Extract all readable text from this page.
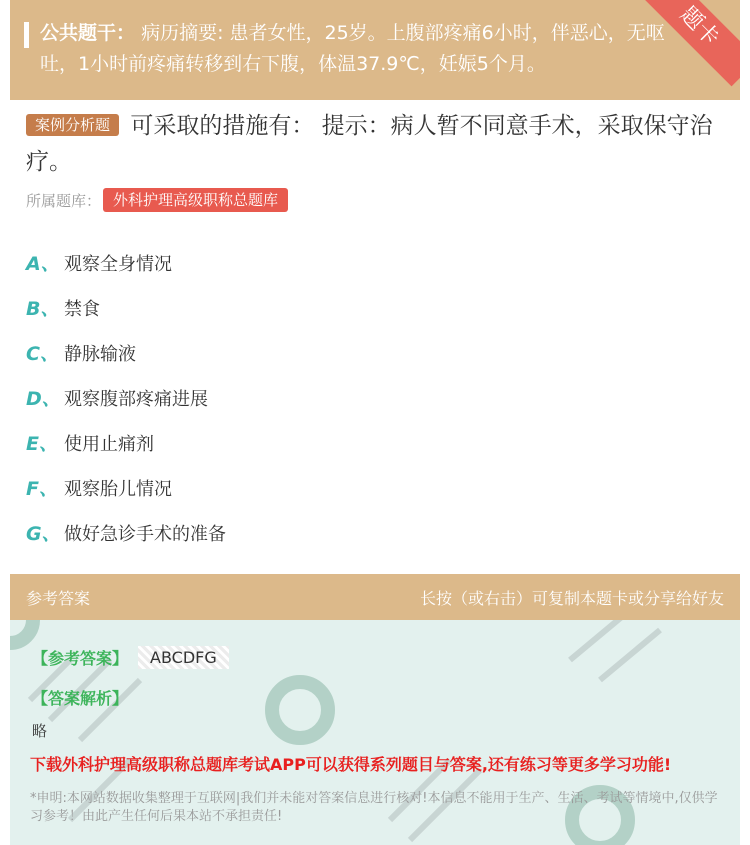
公共题干： 病历摘要: 患者女性，25岁。上腹部疼痛6小时，伴恶心，无呕吐，1小时前疼痛转移到右下腹，体温37.9℃，妊娠5个月。
题卡
案例分析题 可采取的措施有： 提示：病人暂不同意手术，采取保守治疗。
所属题库： 外科护理高级职称总题库
A、 观察全身情况
B、 禁食
C、 静脉输液
D、 观察腹部疼痛进展
E、 使用止痛剂
F、 观察胎儿情况
G、 做好急诊手术的准备
参考答案	长按（或右击）可复制本题卡或分享给好友
【参考答案】	ABCDFG
【答案解析】
略
下载外科护理高级职称总题库考试APP可以获得系列题目与答案,还有练习等更多学习功能!
*申明:本网站数据收集整理于互联网|我们并未能对答案信息进行核对!本信息不能用于生产、生活、考试等情境中,仅供学习参考！由此产生任何后果本站不承担责任!
